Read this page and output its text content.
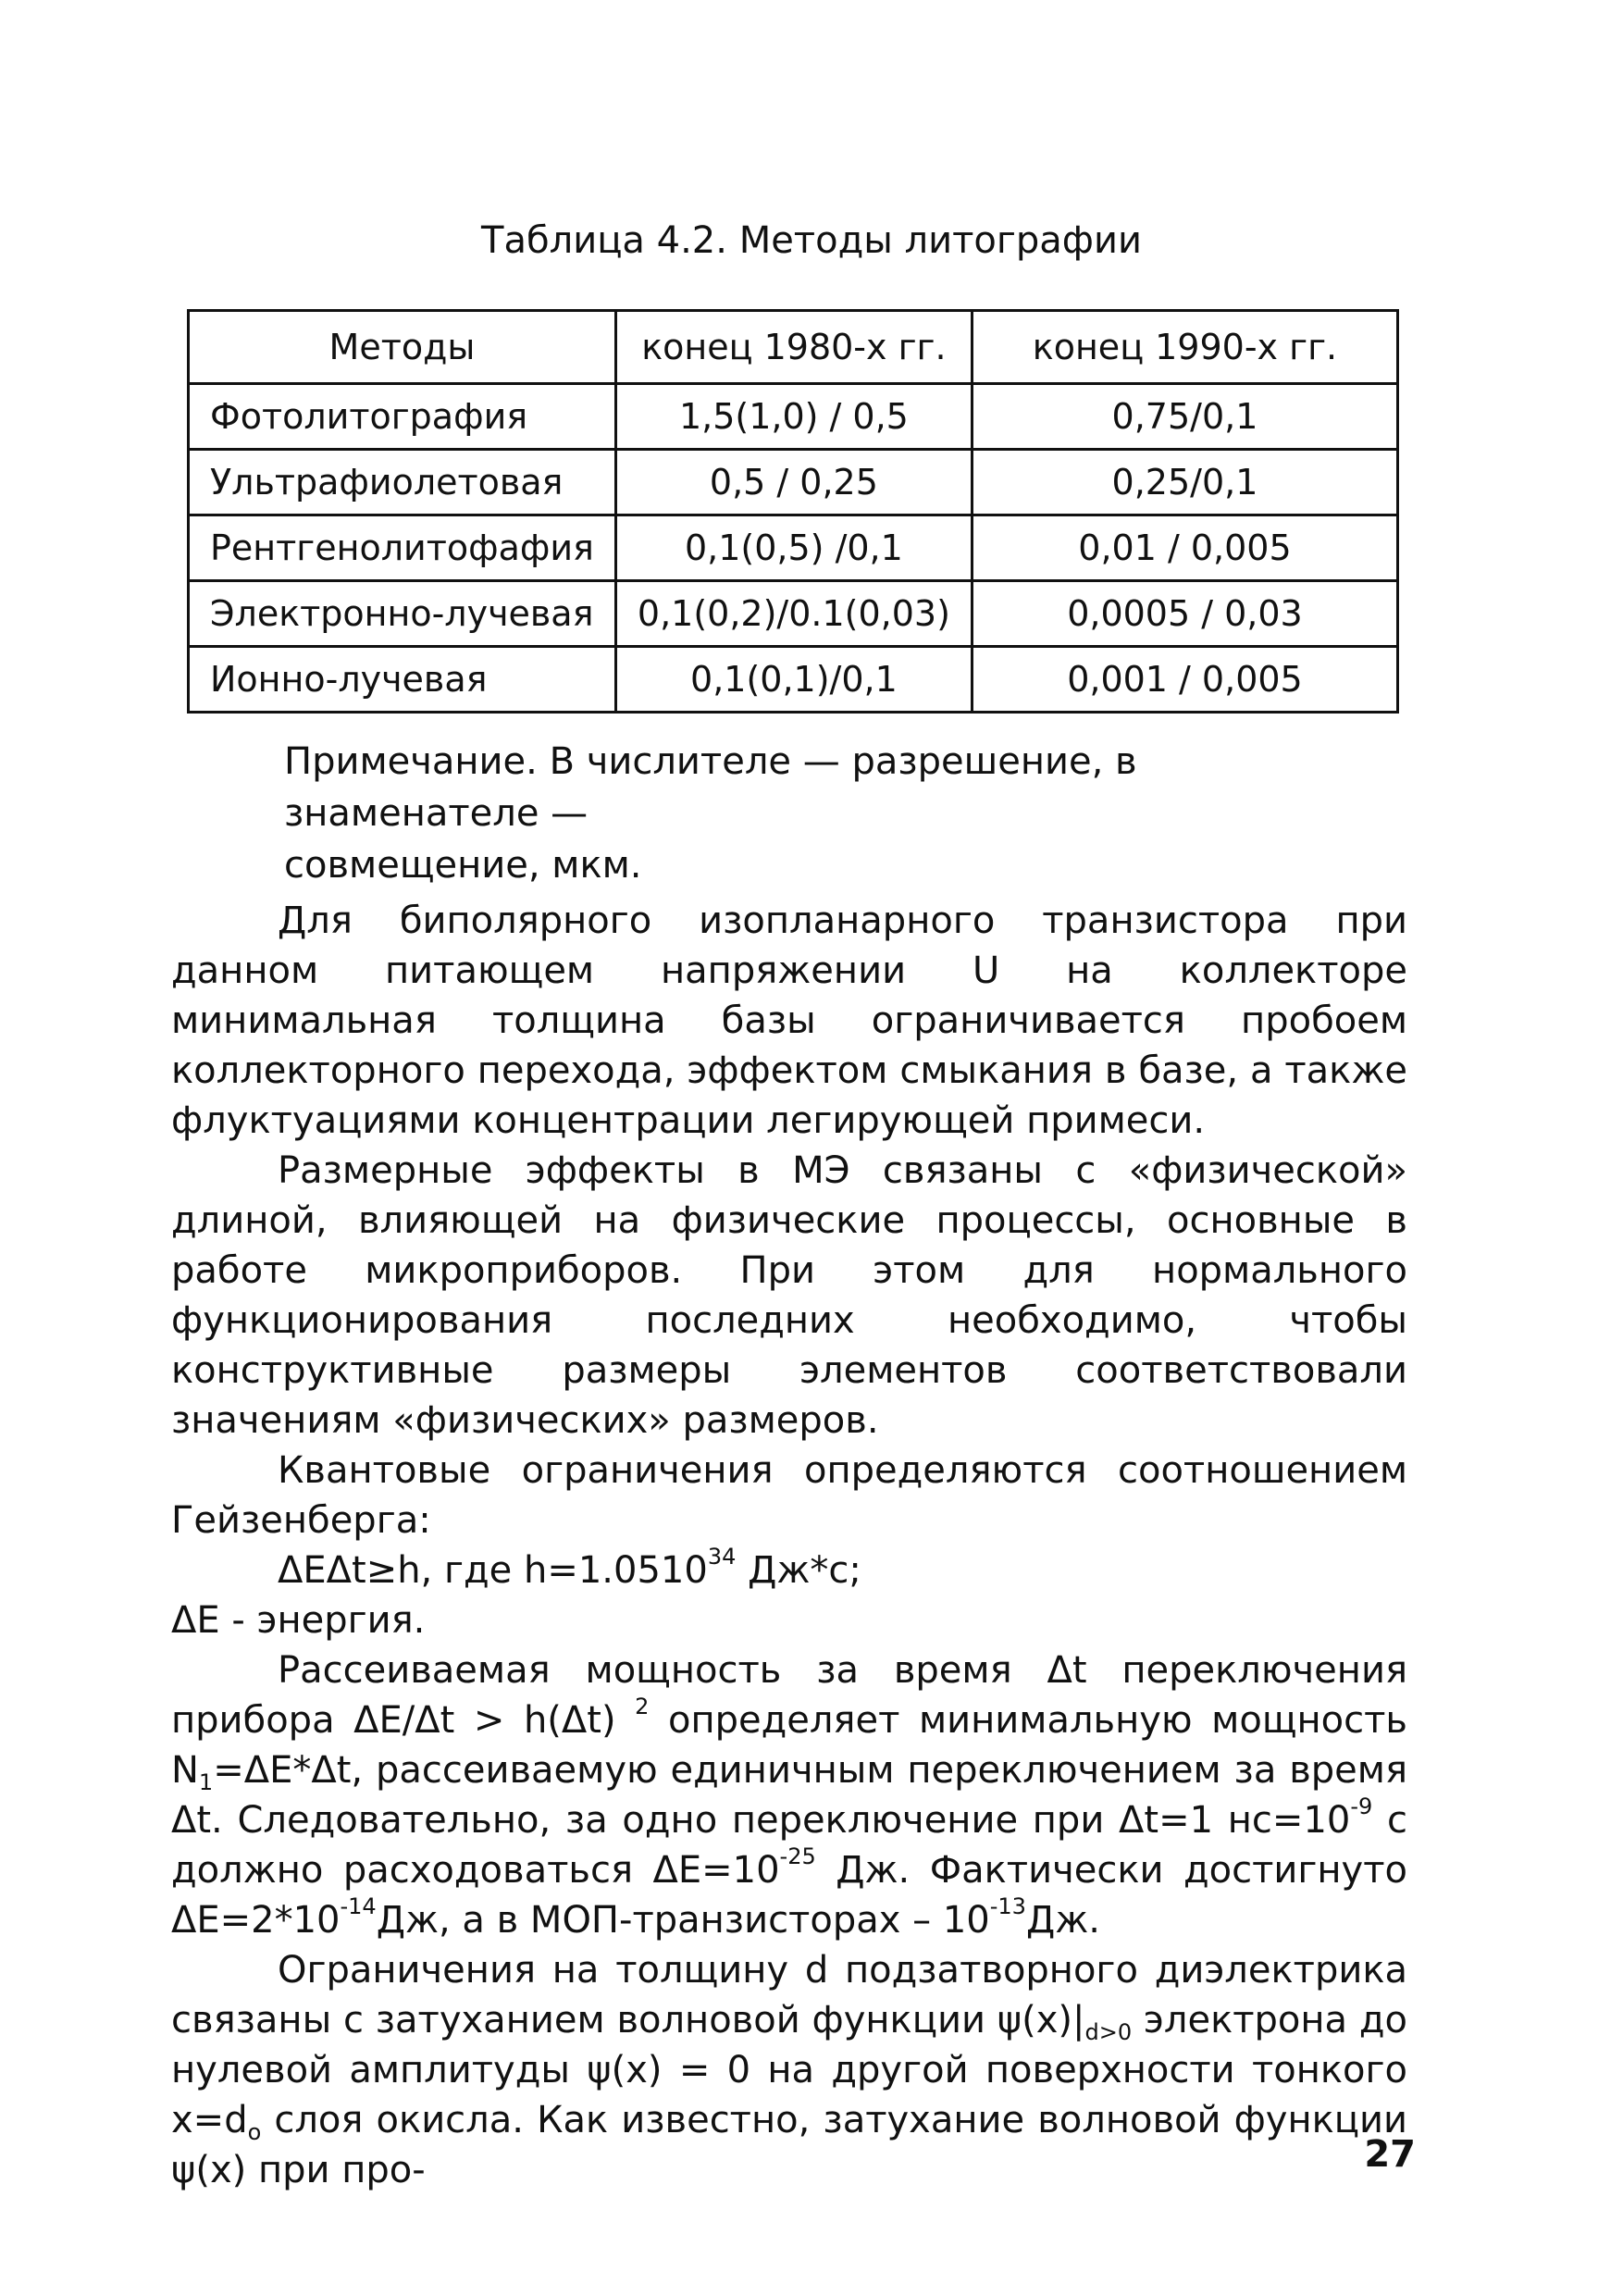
Таблица 4.2. Методы литографии
Методы	конец 1980-х гг.	конец 1990-х гг.
Фотолитография	1,5(1,0) / 0,5	0,75/0,1
Ультрафиолетовая	0,5 / 0,25	0,25/0,1
Рентгенолитофафия	0,1(0,5) /0,1	0,01 / 0,005
Электронно-лучевая	0,1(0,2)/0.1(0,03)	0,0005 / 0,03
Ионно-лучевая	0,1(0,1)/0,1	0,001 / 0,005

Примечание. В числителе — разрешение, в знаменателе —

совмещение, мкм.

Для биполярного изопланарного транзистора при данном питающем напряжении U на коллекторе минимальная толщина базы ограничивается пробоем коллекторного перехода, эффектом смыкания в базе, а также флуктуациями концентрации легирующей примеси.

Размерные эффекты в МЭ связаны с «физической» длиной, влияющей на физические процессы, основные в работе микроприборов. При этом для нормального функционирования последних необходимо, чтобы конструктивные размеры элементов соответствовали значениям «физических» размеров.

Квантовые ограничения определяются соотношением Гейзенберга:

ΔEΔt≥h, где $h=1.0510^{34}$ Дж*с;

ΔE - энергия.

Рассеиваемая мощность за время Δt переключения прибора ΔE/Δt > h(Δt) $^2$ определяет минимальную мощность $N_1=\Delta E*\Delta t$, рассеиваемую единичным переключением за время Δt. Следовательно, за одно переключение при Δt=1 $нс=10^{-9}$ с должно расходоваться $\Delta E=10^{-25}$ Дж. Фактически достигнуто $\Delta E=2*10^{-14}Дж$, а в МОП-транзисторах – $10^{-13}Дж$.

Ограничения на толщину d подзатворного диэлектрика связаны с затуханием волновой функции $\psi(x)|_{d>0}$ электрона до нулевой амплитуды ψ(x) = 0 на другой поверхности тонкого $x=d_o$ слоя окисла. Как известно, затухание волновой функции ψ(x) при про-	27
